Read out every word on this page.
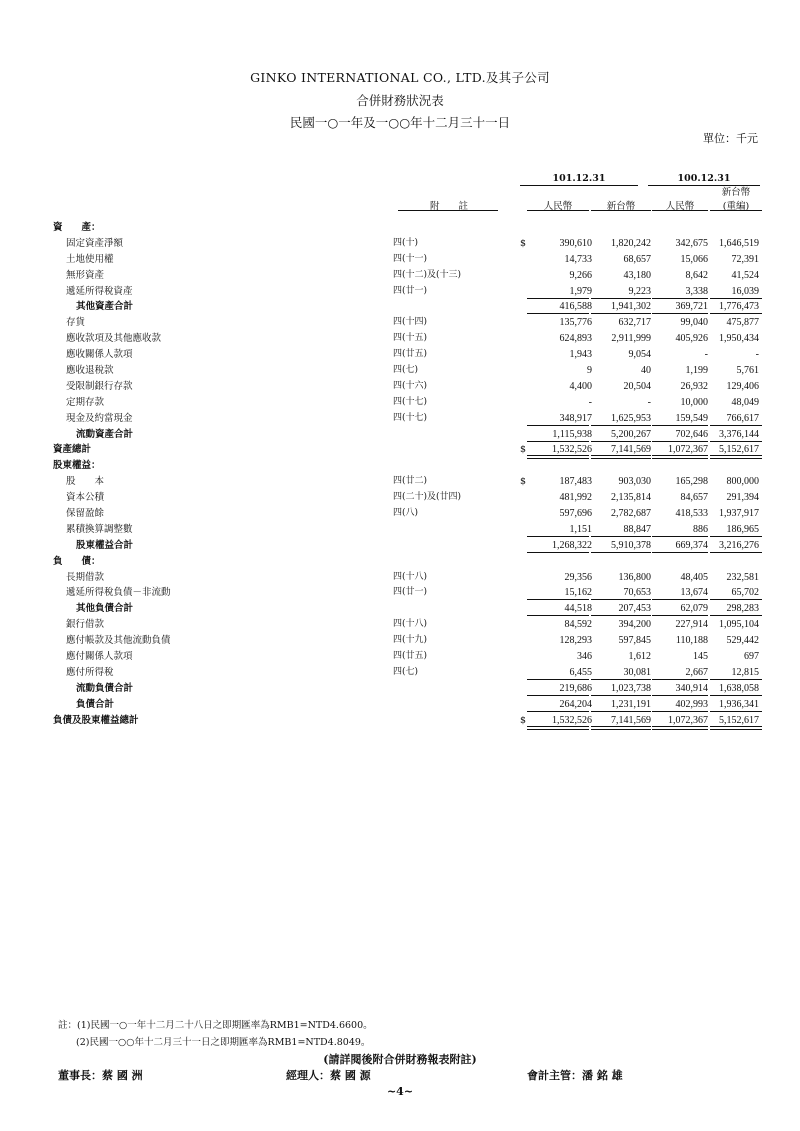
GINKO INTERNATIONAL CO., LTD.及其子公司
合併財務狀況表
民國一○一年及一○○年十二月三十一日
單位：千元
101.12.31	100.12.31
附　　註	人民幣	新台幣	人民幣
新台幣
(重編)
資　　產：
固定資產淨額	四(十)	$	390,610 1,820,242 342,675 1,646,519
土地使用權	四(十一)	14,733	68,657	15,066 72,391
無形資產	四(十二)及(十三)	9,266	43,180	8,642 41,524
遞延所得稅資產	四(廿一)	1,979	9,223	3,338 16,039
其他資產合計	416,588 1,941,302 369,721 1,776,473
存貨	四(十四)	135,776	632,717	99,040 475,877
應收款項及其他應收款	四(十五)	624,893 2,911,999 405,926 1,950,434
應收關係人款項	四(廿五)	1,943	9,054	-	-
應收退稅款	四(七)	9	40	1,199	5,761
受限制銀行存款	四(十六)	4,400	20,504	26,932 129,406
定期存款	四(十七)	-	-	10,000 48,049
現金及約當現金	四(十七)	348,917 1,625,953 159,549 766,617
流動資產合計	1,115,938 5,200,267 702,646 3,376,144
資產總計	$	1,532,526 7,141,569 1,072,367 5,152,617
股東權益：
股　　本	四(廿二)	$	187,483	903,030 165,298 800,000
資本公積	四(二十)及(廿四)	481,992 2,135,814	84,657 291,394
保留盈餘	四(八)	597,696 2,782,687 418,533 1,937,917
累積換算調整數	1,151	88,847	886 186,965
股東權益合計	1,268,322 5,910,378 669,374 3,216,276
負　　債：
長期借款	四(十八)	29,356	136,800	48,405 232,581
遞延所得稅負債－非流動	四(廿一)	15,162	70,653	13,674 65,702
其他負債合計	44,518	207,453	62,079 298,283
銀行借款	四(十八)	84,592	394,200 227,914 1,095,104
應付帳款及其他流動負債	四(十九)	128,293	597,845 110,188 529,442
應付關係人款項	四(廿五)	346	1,612	145	697
應付所得稅	四(七)	6,455	30,081	2,667 12,815
流動負債合計	219,686 1,023,738 340,914 1,638,058
負債合計	264,204 1,231,191 402,993 1,936,341
負債及股東權益總計	$	1,532,526 7,141,569 1,072,367 5,152,617
註：(1)民國一○一年十二月二十八日之即期匯率為RMB1=NTD4.6600。
(2)民國一○○年十二月三十一日之即期匯率為RMB1=NTD4.8049。
(請詳閱後附合併財務報表附註)
董事長：蔡 國 洲	經理人：蔡 國 源	會計主管：潘 銘 雄
~4~
